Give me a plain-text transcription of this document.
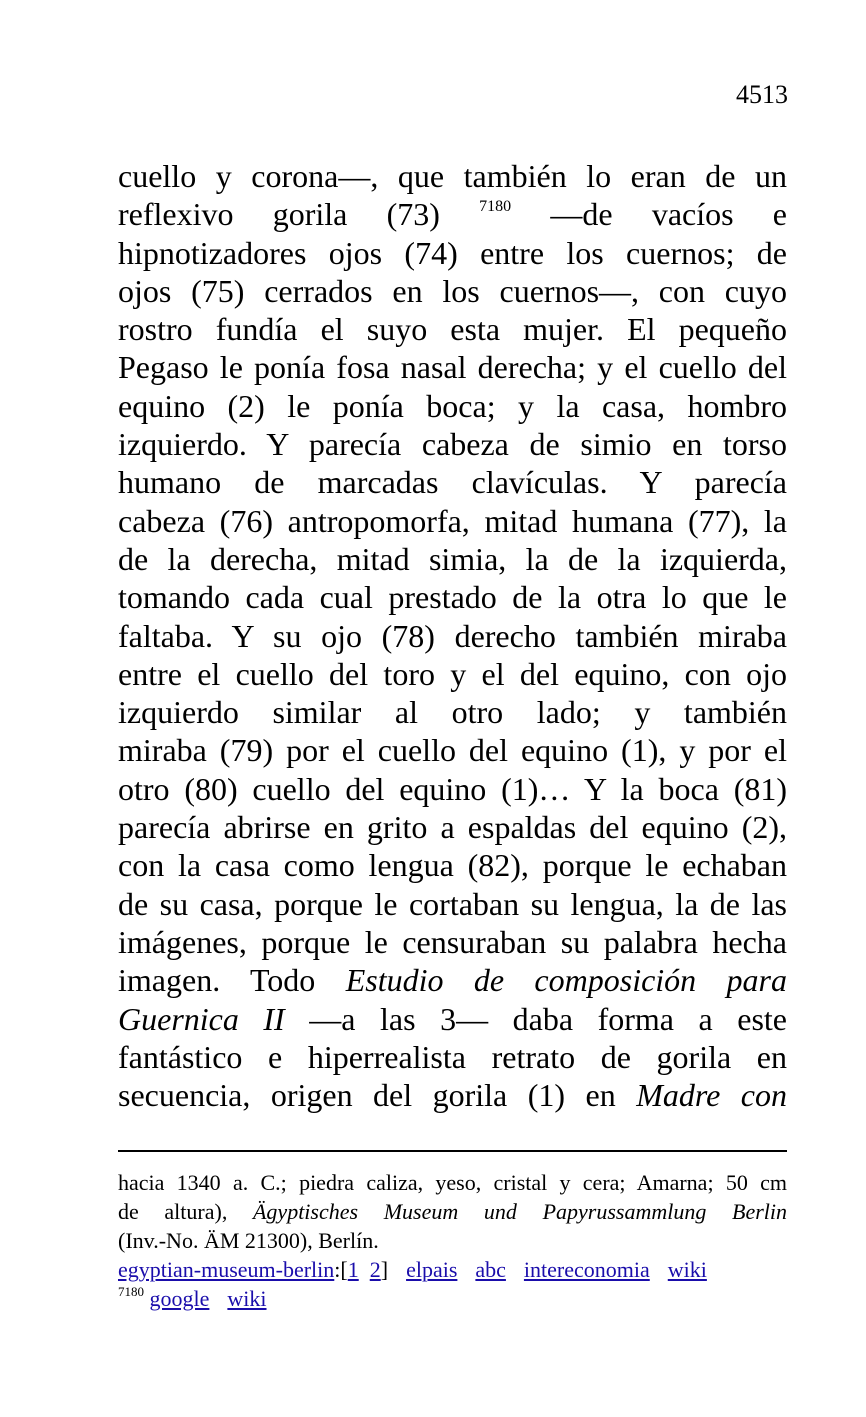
4513
cuello y corona—, que también lo eran de un
reflexivo gorila (73) $^{7180}$ —de vacíos e
hipnotizadores ojos (74) entre los cuernos; de
ojos (75) cerrados en los cuernos—, con cuyo
rostro fundía el suyo esta mujer. El pequeño
Pegaso le ponía fosa nasal derecha; y el cuello del
equino (2) le ponía boca; y la casa, hombro
izquierdo. Y parecía cabeza de simio en torso
humano de marcadas clavículas. Y parecía
cabeza (76) antropomorfa, mitad humana (77), la
de la derecha, mitad simia, la de la izquierda,
tomando cada cual prestado de la otra lo que le
faltaba. Y su ojo (78) derecho también miraba
entre el cuello del toro y el del equino, con ojo
izquierdo similar al otro lado; y también
miraba (79) por el cuello del equino (1), y por el
otro (80) cuello del equino (1)… Y la boca (81)
parecía abrirse en grito a espaldas del equino (2),
con la casa como lengua (82), porque le echaban
de su casa, porque le cortaban su lengua, la de las
imágenes, porque le censuraban su palabra hecha
imagen. Todo Estudio de composición para
Guernica II —a las 3— daba forma a este
fantástico e hiperrealista retrato de gorila en
secuencia, origen del gorila (1) en Madre con
hacia 1340 a. C.; piedra caliza, yeso, cristal y cera; Amarna; 50 cm
de altura), Ägyptisches Museum und Papyrussammlung Berlin
(Inv.-No. ÄM 21300), Berlín.
egyptian-museum-berlin:[1 2] elpais abc intereconomia wiki
$^{7180}$ google wiki
